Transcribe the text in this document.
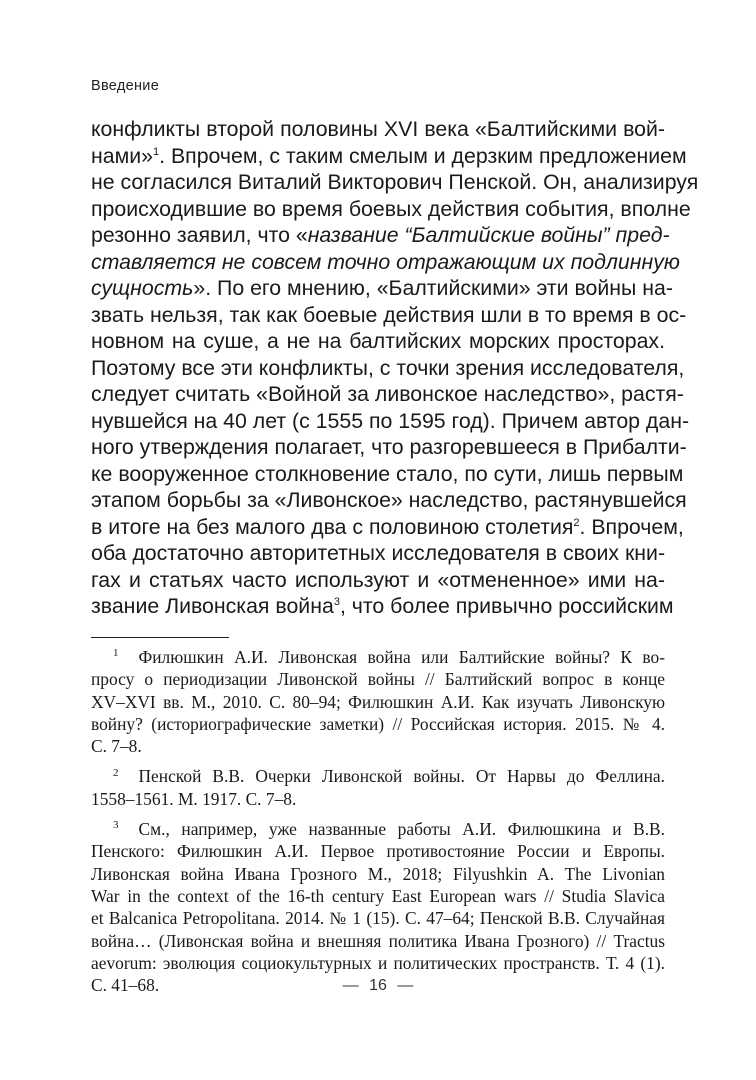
Введение
конфликты второй половины XVI века «Балтийскими вой-
нами»$^1$. Впрочем, с таким смелым и дерзким предложением
не согласился Виталий Викторович Пенской. Он, анализируя
происходившие во время боевых действия события, вполне
резонно заявил, что «название “Балтийские войны” пред-
ставляется не совсем точно отражающим их подлинную
сущность». По его мнению, «Балтийскими» эти войны на-
звать нельзя, так как боевые действия шли в то время в ос-
новном на суше, а не на балтийских морских просторах.
Поэтому все эти конфликты, с точки зрения исследователя,
следует считать «Войной за ливонское наследство», растя-
нувшейся на 40 лет (с 1555 по 1595 год). Причем автор дан-
ного утверждения полагает, что разгоревшееся в Прибалти-
ке вооруженное столкновение стало, по сути, лишь первым
этапом борьбы за «Ливонское» наследство, растянувшейся
в итоге на без малого два с половиною столетия$^2$. Впрочем,
оба достаточно авторитетных исследователя в своих кни-
гах и статьях часто используют и «отмененное» ими на-
звание Ливонская война$^3$, что более привычно российским
$^1$ Филюшкин А.И. Ливонская война или Балтийские войны? К во-
просу о периодизации Ливонской войны // Балтийский вопрос в конце
XV–XVI вв. М., 2010. С. 80–94; Филюшкин А.И. Как изучать Ливонскую
войну? (историографические заметки) // Российская история. 2015. № 4.
С. 7–8.
$^2$ Пенской В.В. Очерки Ливонской войны. От Нарвы до Феллина.
1558–1561. М. 1917. С. 7–8.
$^3$ См., например, уже названные работы А.И. Филюшкина и В.В.
Пенского: Филюшкин А.И. Первое противостояние России и Европы.
Ливонская война Ивана Грозного М., 2018; Filyushkin A. The Livonian
War in the context of the 16-th century East European wars // Studia Slavica
et Balcanica Petropolitana. 2014. № 1 (15). С. 47–64; Пенской В.В. Случайная
война… (Ливонская война и внешняя политика Ивана Грозного) // Tractus
aevorum: эволюция социокультурных и политических пространств. Т. 4 (1).
С. 41–68.	— 16 —
